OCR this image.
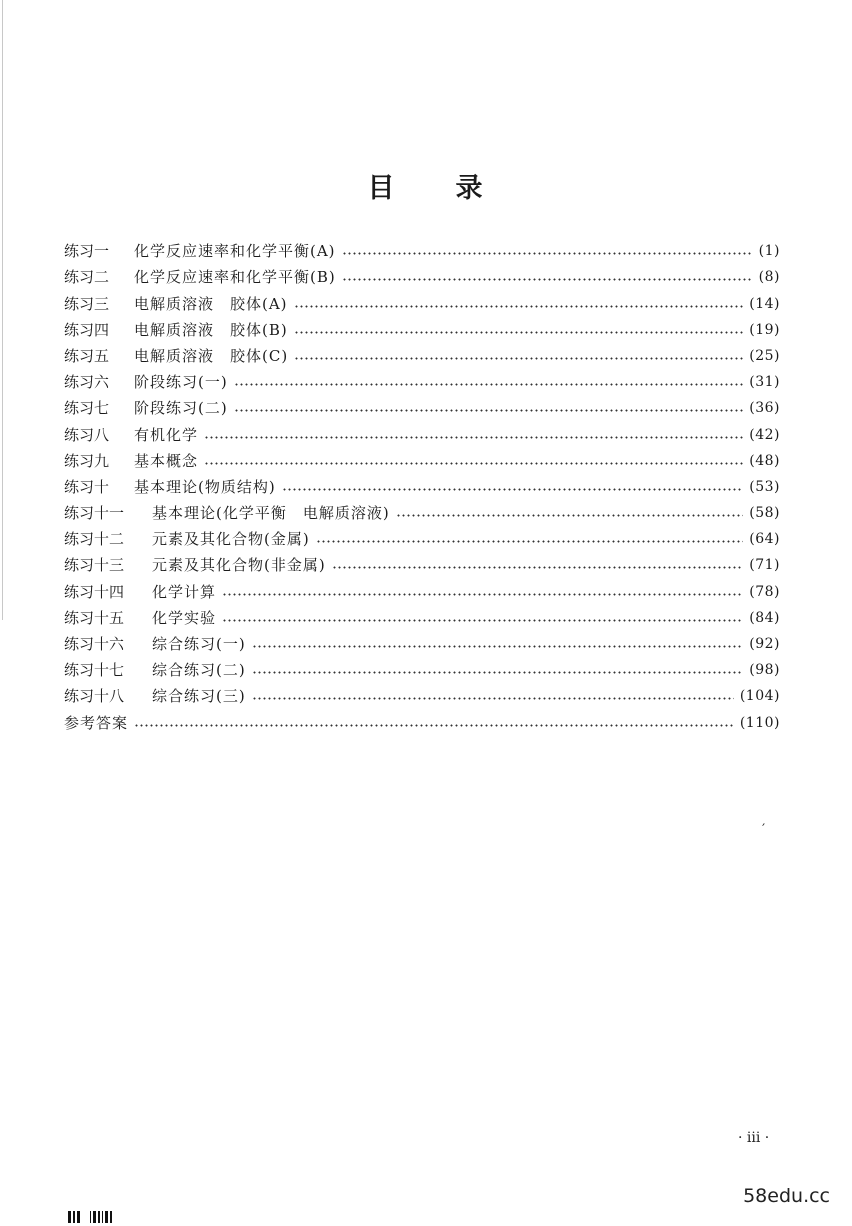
目 录
练习一	化学反应速率和化学平衡(A)	(1)
练习二	化学反应速率和化学平衡(B)	(8)
练习三	电解质溶液　胶体(A)	(14)
练习四	电解质溶液　胶体(B)	(19)
练习五	电解质溶液　胶体(C)	(25)
练习六	阶段练习(一)	(31)
练习七	阶段练习(二)	(36)
练习八	有机化学	(42)
练习九	基本概念	(48)
练习十	基本理论(物质结构)	(53)
练习十一	基本理论(化学平衡　电解质溶液)	(58)
练习十二	元素及其化合物(金属)	(64)
练习十三	元素及其化合物(非金属)	(71)
练习十四	化学计算	(78)
练习十五	化学实验	(84)
练习十六	综合练习(一)	(92)
练习十七	综合练习(二)	(98)
练习十八	综合练习(三)	(104)
参考答案	(110)
′
· iii ·
58edu.cc
